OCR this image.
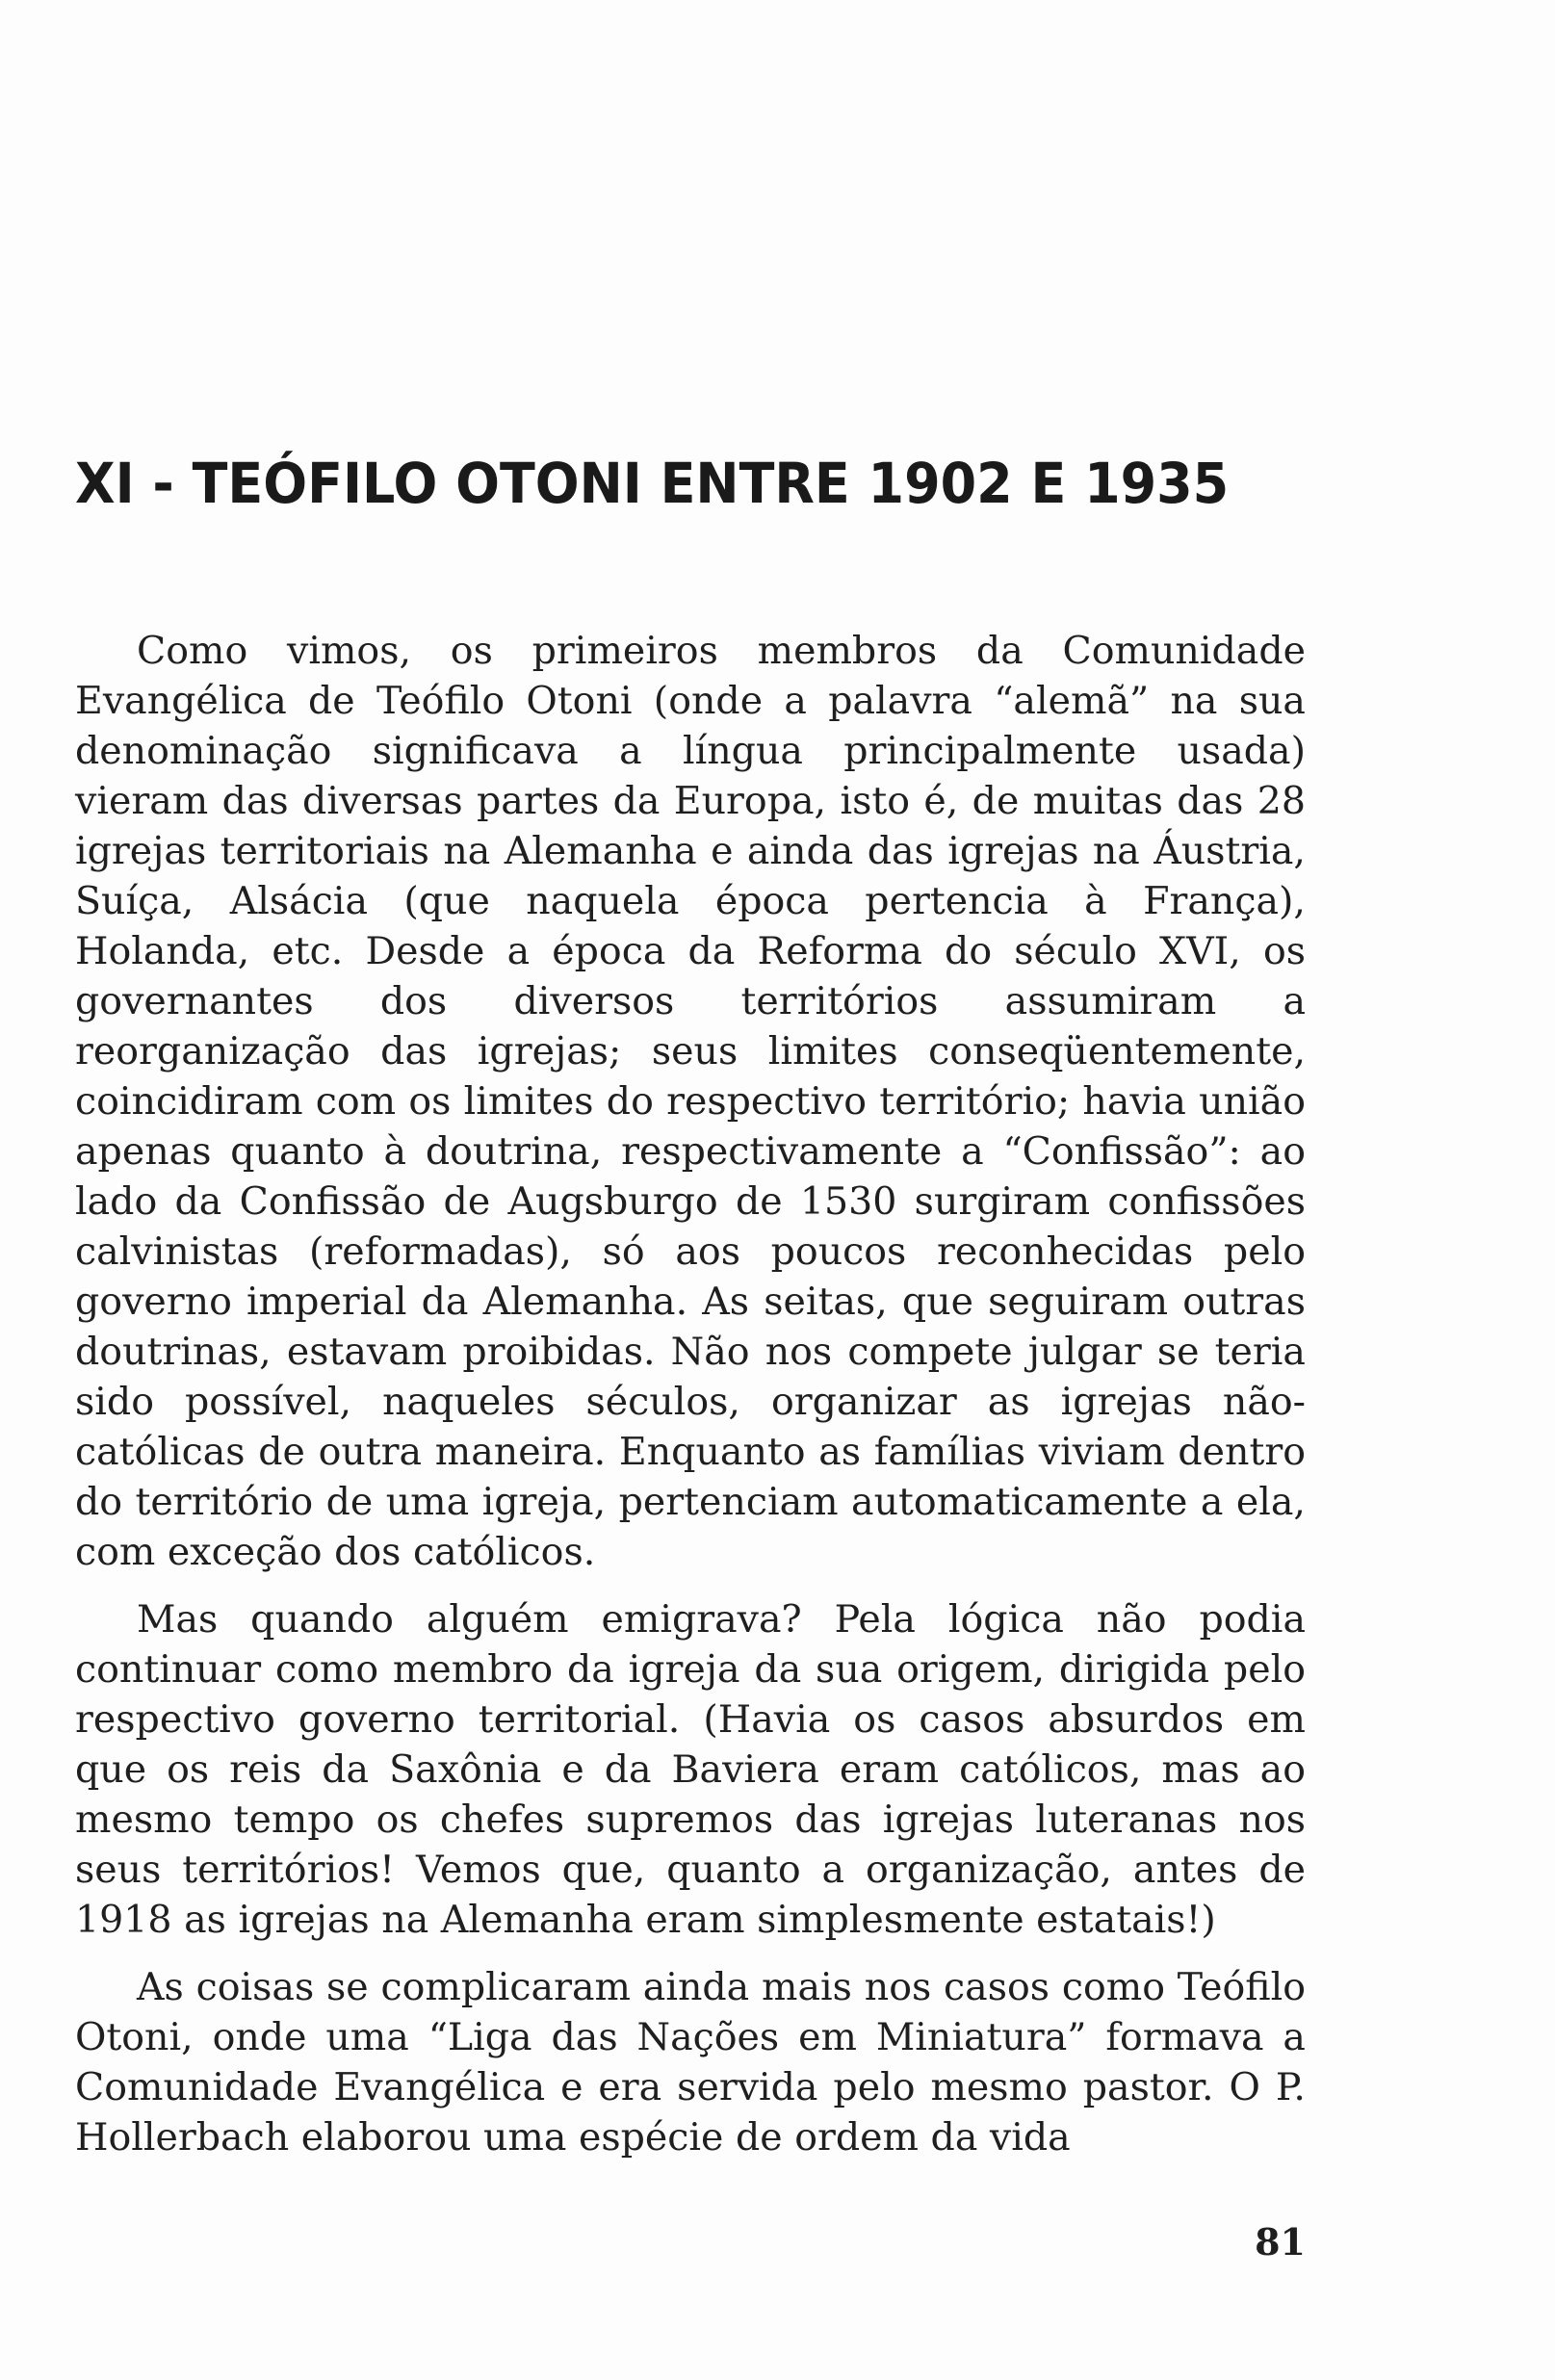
XI - TEÓFILO OTONI ENTRE 1902 E 1935

Como vimos, os primeiros membros da Comunidade Evangélica de Teófilo Otoni (onde a palavra “alemã” na sua denominação significava a língua principalmente usada) vieram das diversas partes da Europa, isto é, de muitas das 28 igrejas territoriais na Alemanha e ainda das igrejas na Áustria, Suíça, Alsácia (que naquela época pertencia à França), Holanda, etc. Desde a época da Reforma do século XVI, os governantes dos diversos territórios assumiram a reorganização das igrejas; seus limites conseqüentemente, coincidiram com os limites do respectivo território; havia união apenas quanto à doutrina, respectivamente a “Confissão”: ao lado da Confissão de Augsburgo de 1530 surgiram confissões calvinistas (reformadas), só aos poucos reconhecidas pelo governo imperial da Alemanha. As seitas, que seguiram outras doutrinas, estavam proibidas. Não nos compete julgar se teria sido possível, naqueles séculos, organizar as igrejas não-católicas de outra maneira. Enquanto as famílias viviam dentro do território de uma igreja, pertenciam automaticamente a ela, com exceção dos católicos.

Mas quando alguém emigrava? Pela lógica não podia continuar como membro da igreja da sua origem, dirigida pelo respectivo governo territorial. (Havia os casos absurdos em que os reis da Saxônia e da Baviera eram católicos, mas ao mesmo tempo os chefes supremos das igrejas luteranas nos seus territórios! Vemos que, quanto a organização, antes de 1918 as igrejas na Alemanha eram simplesmente estatais!)

As coisas se complicaram ainda mais nos casos como Teófilo Otoni, onde uma “Liga das Nações em Miniatura” formava a Comunidade Evangélica e era servida pelo mesmo pastor. O P. Hollerbach elaborou uma espécie de ordem da vida

81
